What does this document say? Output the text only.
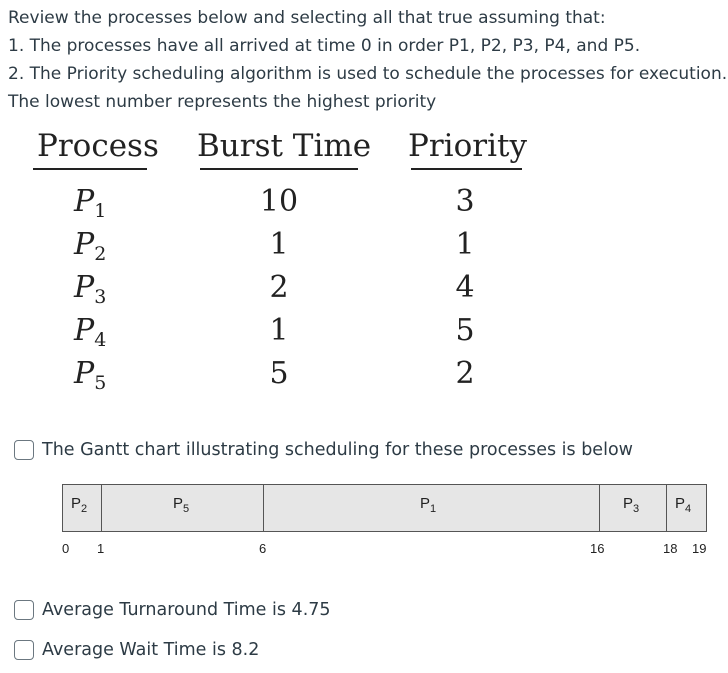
Review the processes below and selecting all that true assuming that:
1. The processes have all arrived at time 0 in order P1, P2, P3, P4, and P5.
2. The Priority scheduling algorithm is used to schedule the processes for execution.
The lowest number represents the highest priority
Process Burst Time Priority
$P_1$	10	3
$P_2$	1	1
$P_3$	2	4
$P_4$	1	5
$P_5$	5	2
The Gantt chart illustrating scheduling for these processes is below
$P_2$	$P_5$	$P_1$	$P_3$ $P_4$
0 1	6	16	18 19
Average Turnaround Time is 4.75
Average Wait Time is 8.2
